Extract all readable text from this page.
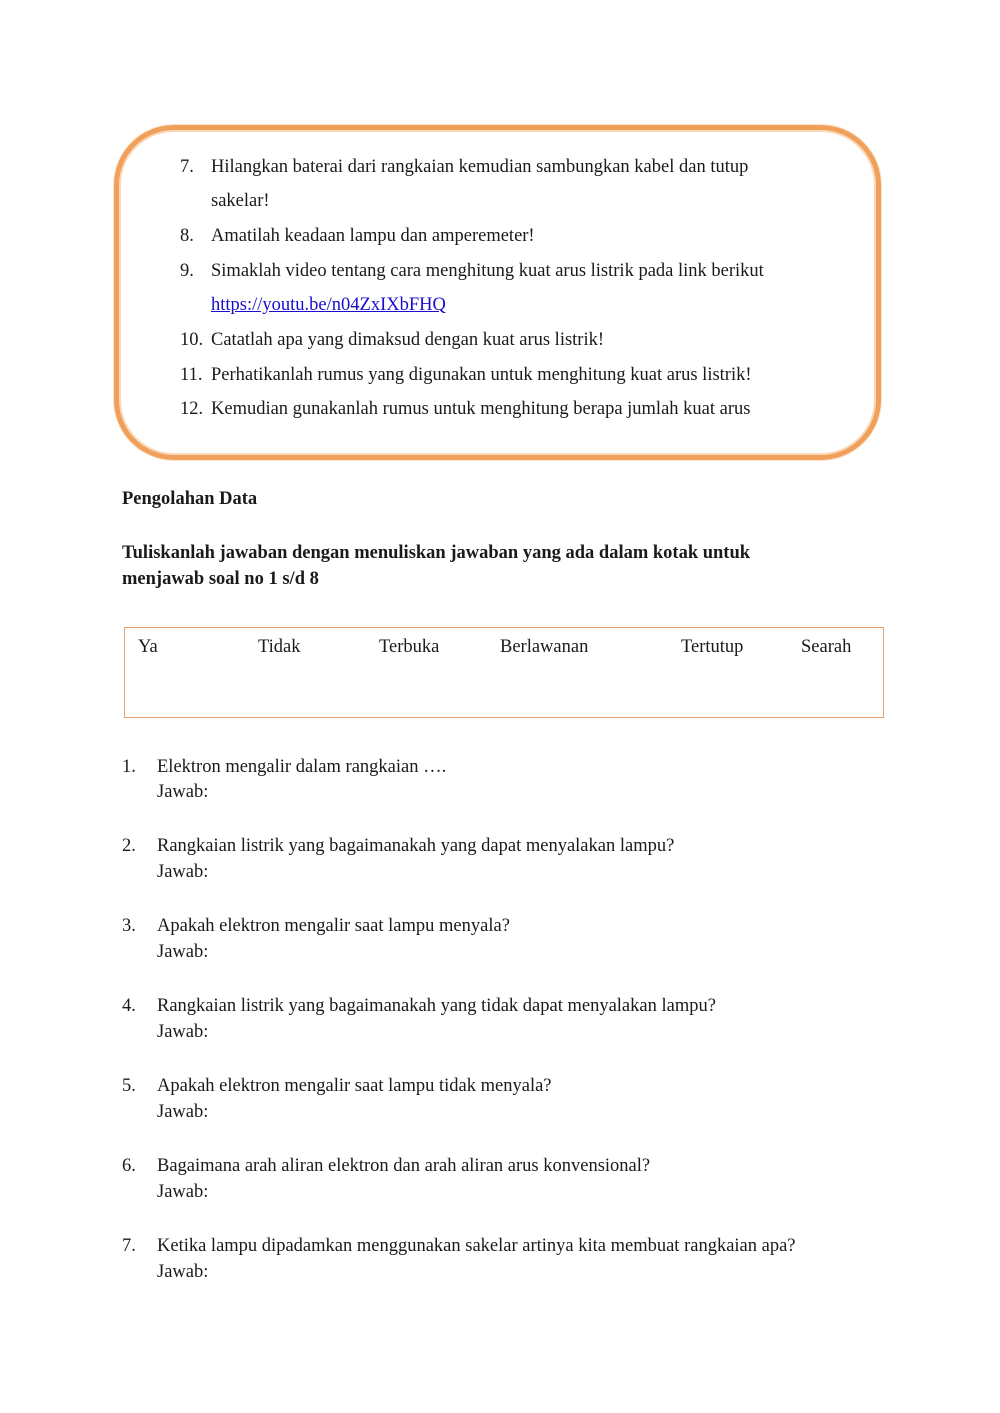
7. Hilangkan baterai dari rangkaian kemudian sambungkan kabel dan tutup
sakelar!
8. Amatilah keadaan lampu dan amperemeter!
9. Simaklah video tentang cara menghitung kuat arus listrik pada link berikut
https://youtu.be/n04ZxIXbFHQ
10. Catatlah apa yang dimaksud dengan kuat arus listrik!
11. Perhatikanlah rumus yang digunakan untuk menghitung kuat arus listrik!
12. Kemudian gunakanlah rumus untuk menghitung berapa jumlah kuat arus
Pengolahan Data
Tuliskanlah jawaban dengan menuliskan jawaban yang ada dalam kotak untuk
menjawab soal no 1 s/d 8
Ya	Tidak	Terbuka	Berlawanan	Tertutup	Searah
1. Elektron mengalir dalam rangkaian ….
Jawab:
2. Rangkaian listrik yang bagaimanakah yang dapat menyalakan lampu?
Jawab:
3. Apakah elektron mengalir saat lampu menyala?
Jawab:
4. Rangkaian listrik yang bagaimanakah yang tidak dapat menyalakan lampu?
Jawab:
5. Apakah elektron mengalir saat lampu tidak menyala?
Jawab:
6. Bagaimana arah aliran elektron dan arah aliran arus konvensional?
Jawab:
7. Ketika lampu dipadamkan menggunakan sakelar artinya kita membuat rangkaian apa?
Jawab:
